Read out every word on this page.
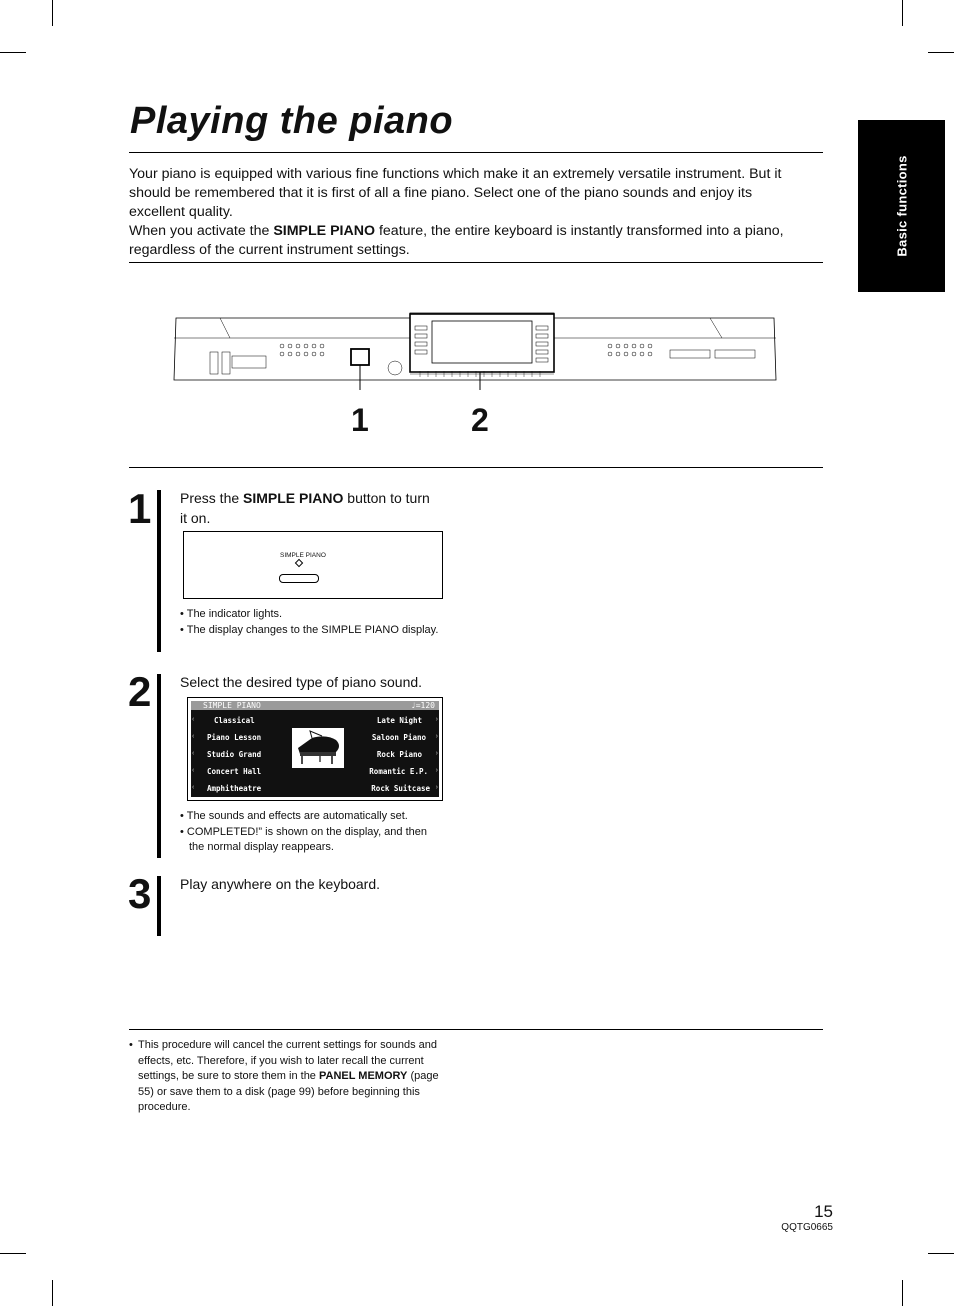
Playing the piano
Basic functions

Your piano is equipped with various fine functions which make it an extremely versatile instrument. But it should be remembered that it is first of all a fine piano. Select one of the piano sounds and enjoy its excellent quality.

When you activate the SIMPLE PIANO feature, the entire keyboard is instantly transformed into a piano, regardless of the current instrument settings.

1	2
1	Press the SIMPLE PIANO button to turn it on.
SIMPLE PIANO
• The indicator lights.
• The display changes to the SIMPLE PIANO display.
2	Select the desired type of piano sound.
SIMPLE PIANO	♩=120
‹
‹
‹
‹
‹
›
›
›
›
›
Classical
Piano Lesson
Studio Grand
Concert Hall
Amphitheatre
Late Night
Saloon Piano
Rock Piano
Romantic E.P.
Rock Suitcase
• The sounds and effects are automatically set.
• COMPLETED!” is shown on the display, and then the normal display reappears.
3	Play anywhere on the keyboard.
• This procedure will cancel the current settings for sounds and effects, etc. Therefore, if you wish to later recall the current settings, be sure to store them in the PANEL MEMORY (page 55) or save them to a disk (page 99) before beginning this procedure.
15
QQTG0665
